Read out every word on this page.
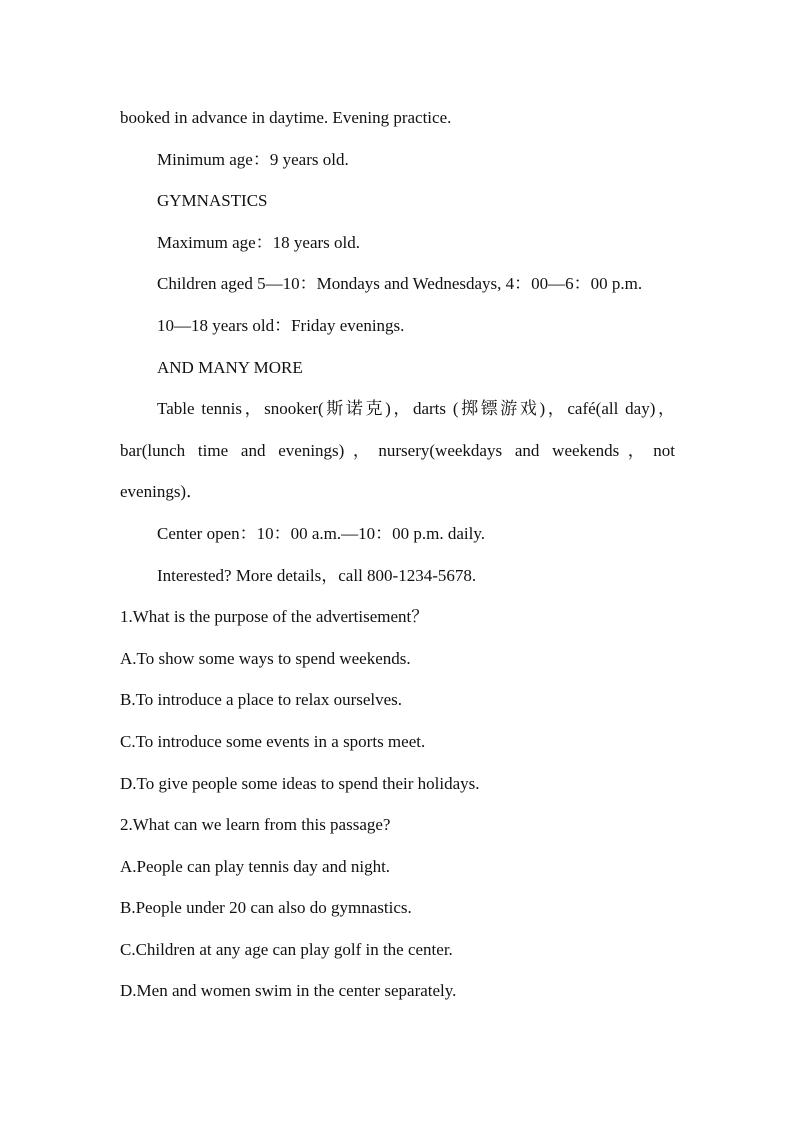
booked in advance in daytime. Evening practice.

Minimum age：9 years old.

GYMNASTICS

Maximum age：18 years old.

Children aged 5—10：Mondays and Wednesdays, 4：00—6：00 p.m.

10—18 years old：Friday evenings.

AND MANY MORE

Table tennis，snooker(斯诺克)，darts (掷镖游戏)，café(all day)，

bar(lunch time and evenings)，nursery(weekdays and weekends，not

evenings)．

Center open：10：00 a.m.—10：00 p.m. daily.

Interested? More details，call 800-1234-5678.

1.What is the purpose of the advertisement？

A.To show some ways to spend weekends.

B.To introduce a place to relax ourselves.

C.To introduce some events in a sports meet.

D.To give people some ideas to spend their holidays.

2.What can we learn from this passage?

A.People can play tennis day and night.

B.People under 20 can also do gymnastics.

C.Children at any age can play golf in the center.

D.Men and women swim in the center separately.
